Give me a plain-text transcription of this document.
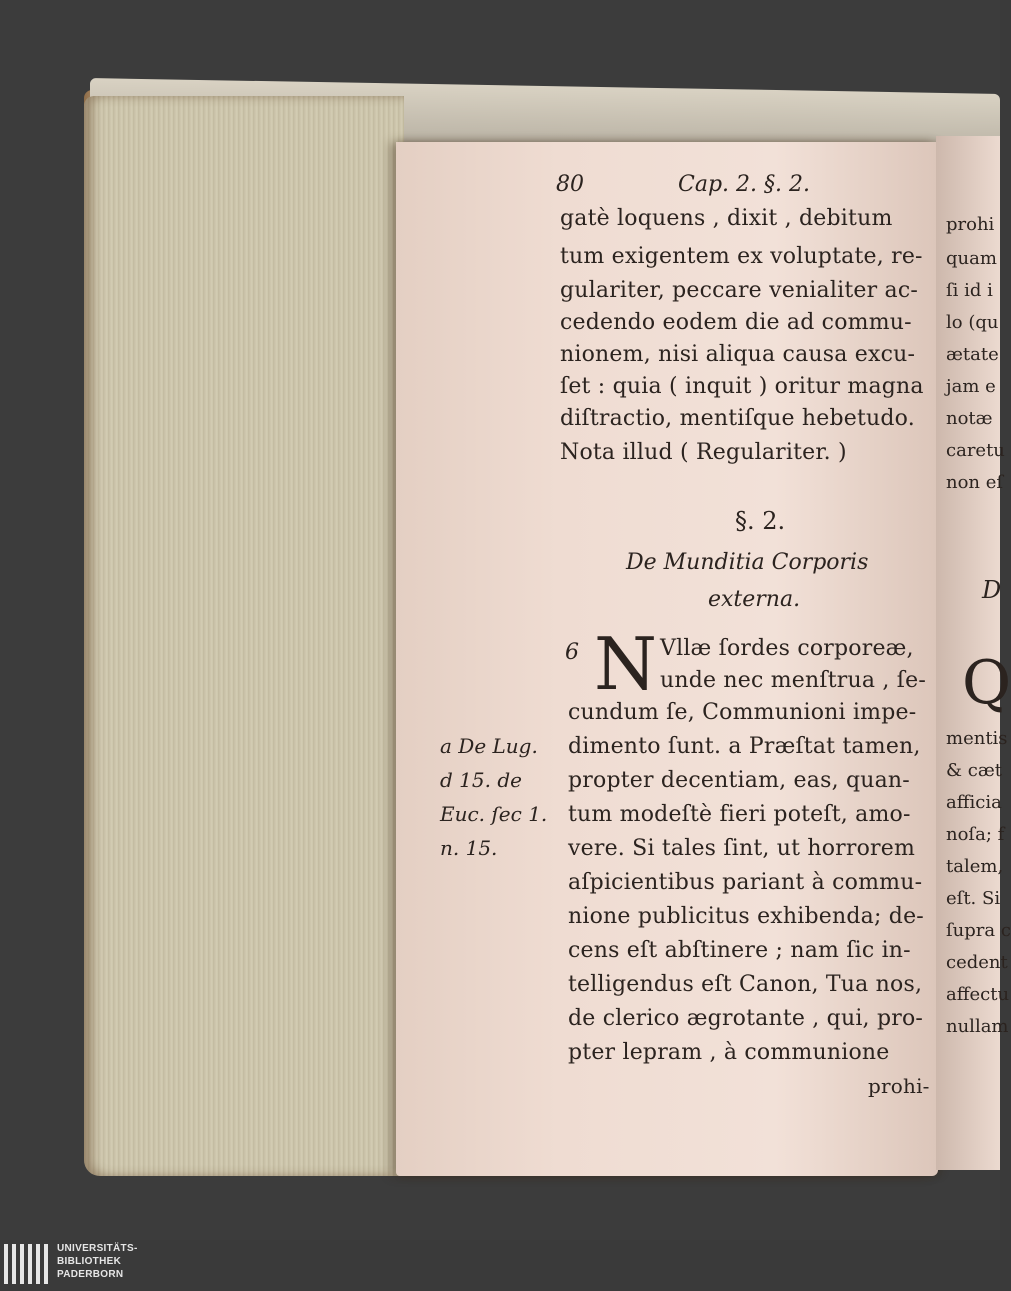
prohi
quam
ſi id i
lo (qu
ætate
jam e
notæ
caretu
non eſ
D
Q
mentis
& cæt
afficia
noſa; f
talem,
eſt. Si
ſupra c
cedent
affectu
nullam
80	Cap. 2. §. 2.
gatè loquens , dixit , debitum
tum exigentem ex voluptate, re-
gulariter, peccare venialiter ac-
cedendo eodem die ad commu-
nionem, nisi aliqua causa excu-
ſet : quia ( inquit ) oritur magna
diſtractio, mentiſque hebetudo.
Nota illud ( Regulariter. )
§. 2.
De Munditia Corporis
externa.
6 N Vllæ ſordes corporeæ,
unde nec menſtrua , ſe-
cundum ſe, Communioni impe-
dimento ſunt. a Præſtat tamen,
propter decentiam, eas, quan-
tum modeſtè fieri poteſt, amo-
vere. Si tales ſint, ut horrorem
aſpicientibus pariant à commu-
nione publicitus exhibenda; de-
cens eſt abſtinere ; nam ſic in-
telligendus eſt Canon, Tua nos,
de clerico ægrotante , qui, pro-
pter lepram , à communione
prohi-
a De Lug.
d 15. de
Euc. ſec 1.
n. 15.
UNIVERSITÄTS-
BIBLIOTHEK
PADERBORN
